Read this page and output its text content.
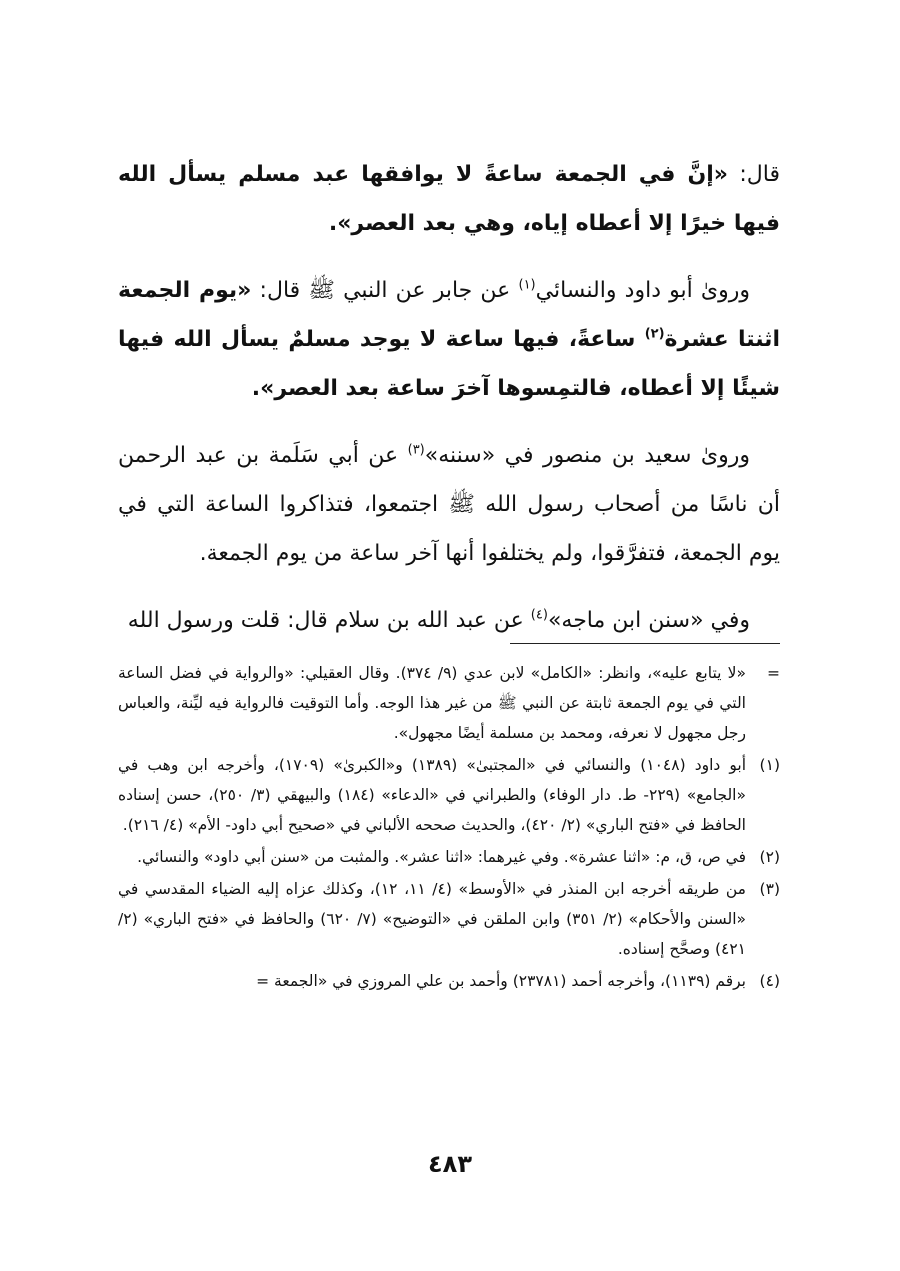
قال: «إنَّ في الجمعة ساعةً لا يوافقها عبد مسلم يسأل الله فيها خيرًا إلا أعطاه إياه، وهي بعد العصر».

وروىٰ أبو داود والنسائي$^{(١)}$ عن جابر عن النبي ﷺ قال: «يوم الجمعة اثنتا عشرة$^{(٢)}$ ساعةً، فيها ساعة لا يوجد مسلمٌ يسأل الله فيها شيئًا إلا أعطاه، فالتمِسوها آخرَ ساعة بعد العصر».

وروىٰ سعيد بن منصور في «سننه»$^{(٣)}$ عن أبي سَلَمة بن عبد الرحمن أن ناسًا من أصحاب رسول الله ﷺ اجتمعوا، فتذاكروا الساعة التي في يوم الجمعة، فتفرَّقوا، ولم يختلفوا أنها آخر ساعة من يوم الجمعة.

وفي «سنن ابن ماجه»$^{(٤)}$ عن عبد الله بن سلام قال: قلت ورسول الله

=
«لا يتابع عليه»، وانظر: «الكامل» لابن عدي (٩/ ٣٧٤). وقال العقيلي: «والرواية في فضل الساعة التي في يوم الجمعة ثابتة عن النبي ﷺ من غير هذا الوجه. وأما التوقيت فالرواية فيه ليِّنة، والعباس رجل مجهول لا نعرفه، ومحمد بن مسلمة أيضًا مجهول».
(١)
أبو داود (١٠٤٨) والنسائي في «المجتبىٰ» (١٣٨٩) و«الكبرىٰ» (١٧٠٩)، وأخرجه ابن وهب في «الجامع» (٢٢٩- ط. دار الوفاء) والطبراني في «الدعاء» (١٨٤) والبيهقي (٣/ ٢٥٠)، حسن إسناده الحافظ في «فتح الباري» (٢/ ٤٢٠)، والحديث صححه الألباني في «صحيح أبي داود- الأم» (٤/ ٢١٦).
(٢)
في ص، ق، م: «اثنا عشرة». وفي غيرهما: «اثنا عشر». والمثبت من «سنن أبي داود» والنسائي.
(٣)
من طريقه أخرجه ابن المنذر في «الأوسط» (٤/ ١١، ١٢)، وكذلك عزاه إليه الضياء المقدسي في «السنن والأحكام» (٢/ ٣٥١) وابن الملقن في «التوضيح» (٧/ ٦٢٠) والحافظ في «فتح الباري» (٢/ ٤٢١) وصحَّح إسناده.
(٤)
برقم (١١٣٩)، وأخرجه أحمد (٢٣٧٨١) وأحمد بن علي المروزي في «الجمعة =
٤٨٣
